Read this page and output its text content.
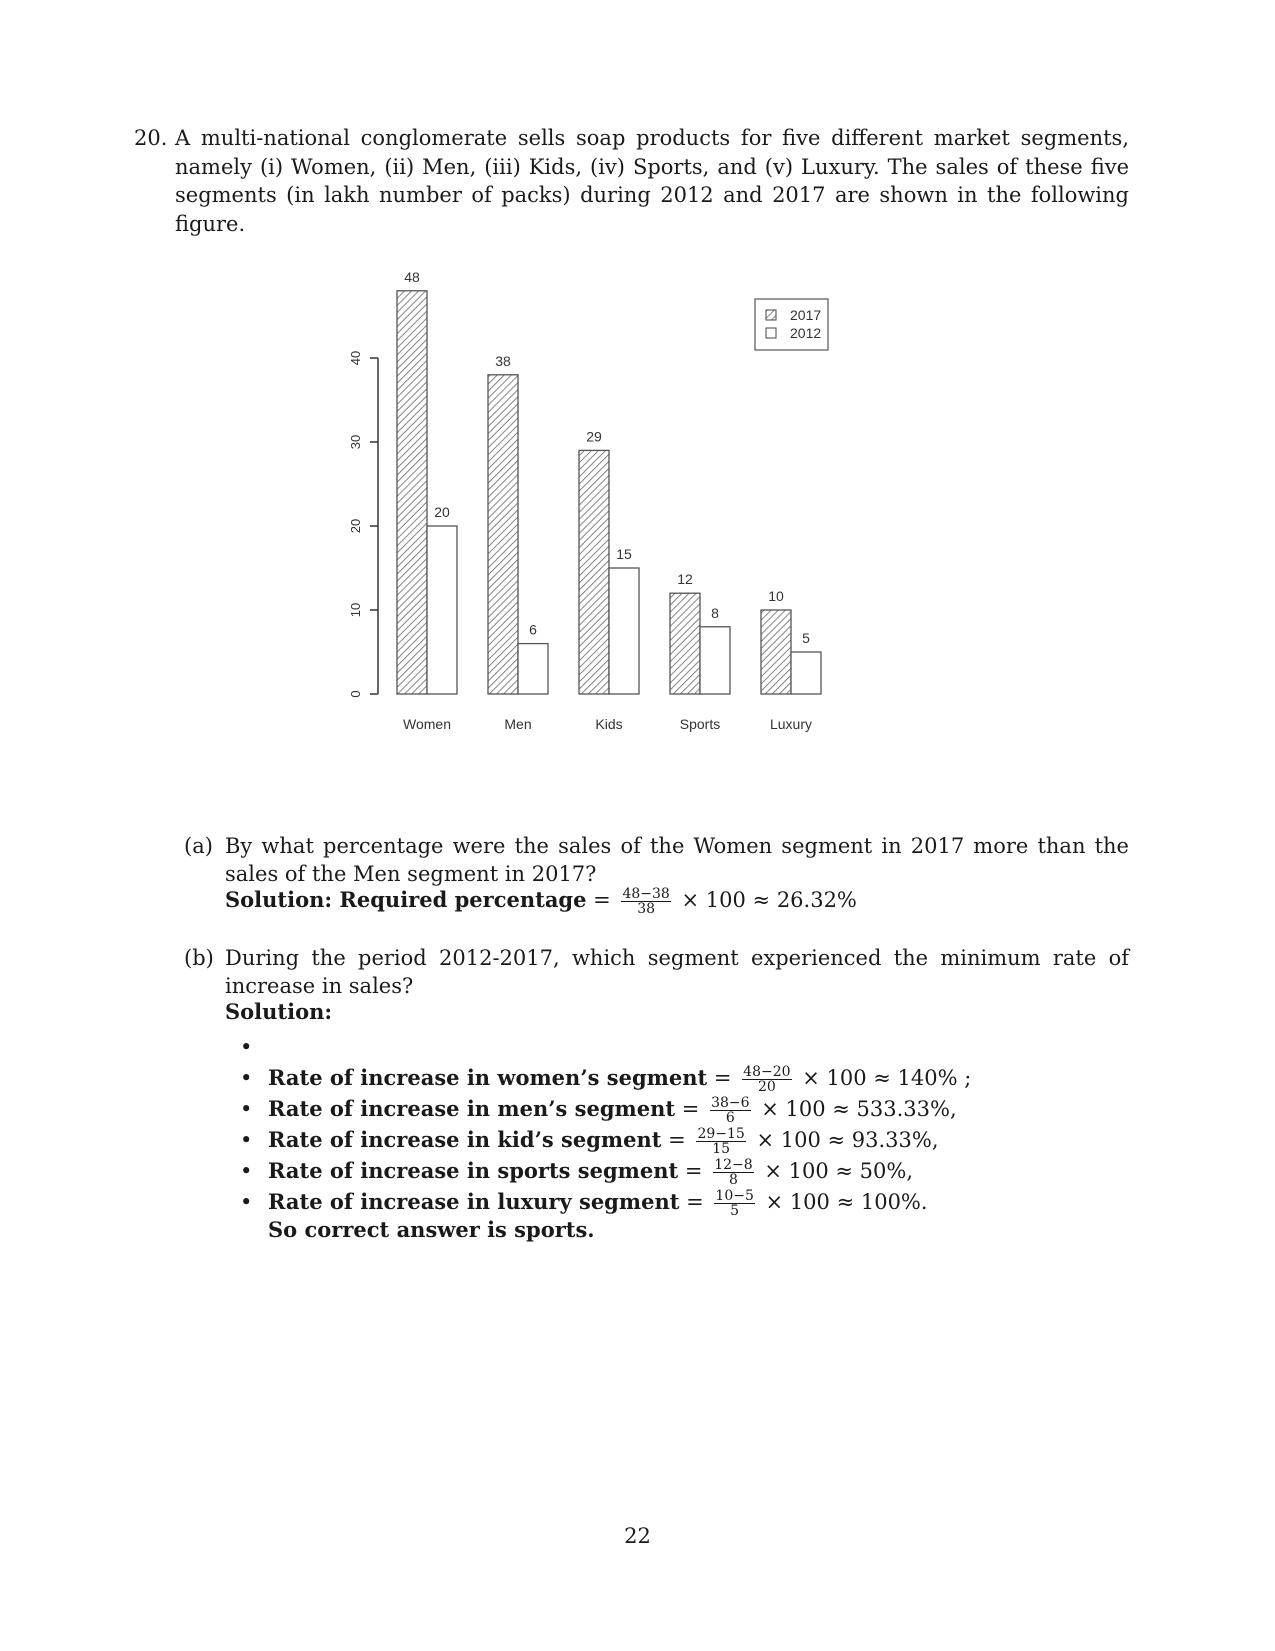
20. A multi-national conglomerate sells soap products for five different market segments, namely (i) Women, (ii) Men, (iii) Kids, (iv) Sports, and (v) Luxury. The sales of these five segments (in lakh number of packs) during 2012 and 2017 are shown in the following figure.
0
10
20
30
40
48
20
Women
38
6
Men
29
15
Kids
12
8
Sports
10
5
Luxury
2017
2012
(a) By what percentage were the sales of the Women segment in 2017 more than the sales of the Men segment in 2017?
Solution: Required percentage = $\frac{48-38}{38} \times 100 \approx 26.32\%$
(b) During the period 2012-2017, which segment experienced the minimum rate of increase in sales?
Solution:
•
• Rate of increase in women’s segment = $\frac{48-20}{20} \times 100 \approx 140\%$ ;
• Rate of increase in men’s segment = $\frac{38-6}{6} \times 100 \approx 533.33\%$,
• Rate of increase in kid’s segment = $\frac{29-15}{15} \times 100 \approx 93.33\%$,
• Rate of increase in sports segment = $\frac{12-8}{8} \times 100 \approx 50\%$,
• Rate of increase in luxury segment = $\frac{10-5}{5} \times 100 \approx 100\%$.
So correct answer is sports.
22
